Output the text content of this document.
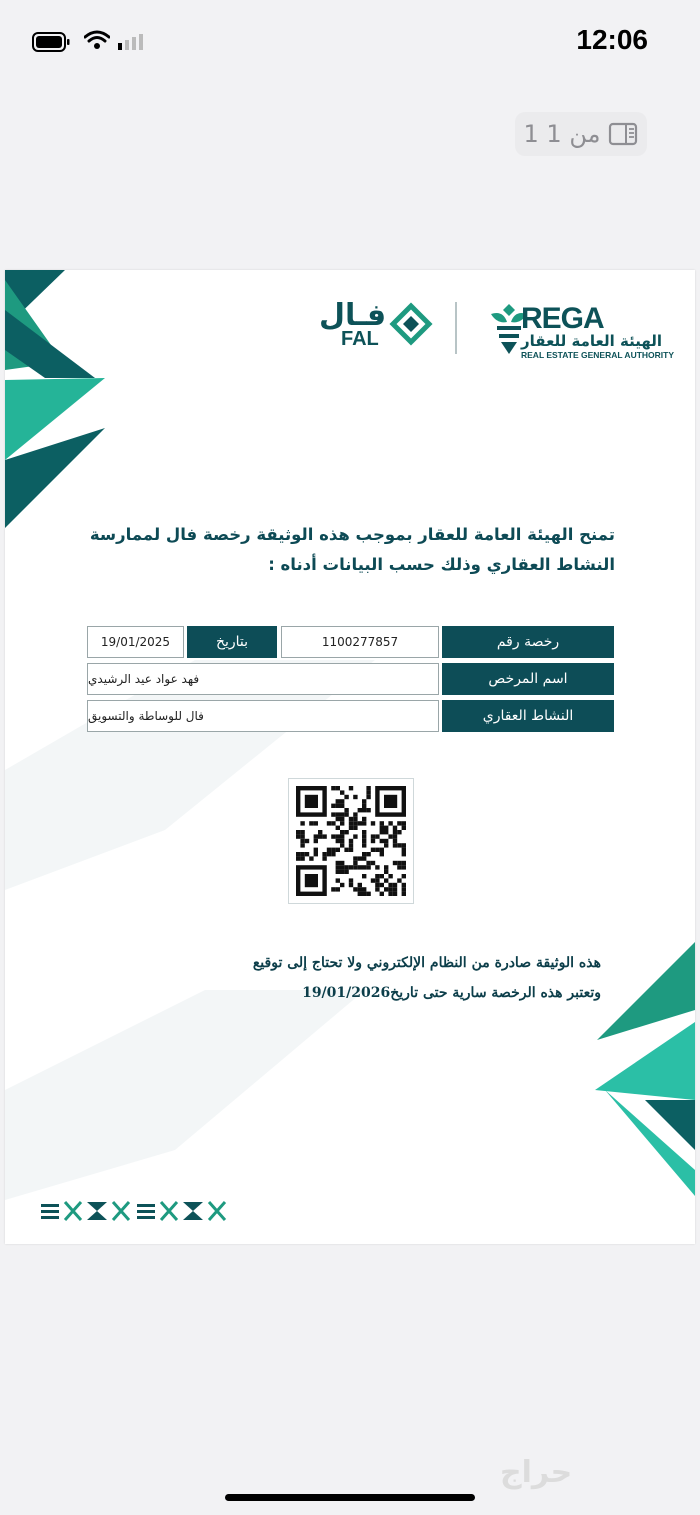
12:06
1 من 1
REGA
الهيئة العامة للعقار
REAL ESTATE GENERAL AUTHORITY
فـال
FAL
تمنح الهيئة العامة للعقار بموجب هذه الوثيقة رخصة فال لممارسة
النشاط العقاري وذلك حسب البيانات أدناه :
رخصة رقم
1100277857
بتاريخ
19/01/2025
اسم المرخص
فهد عواد عيد الرشيدي
النشاط العقاري
فال للوساطة والتسويق
هذه الوثيقة صادرة من النظام الإلكتروني ولا تحتاج إلى توقيع
وتعتبر هذه الرخصة سارية حتى تاريخ19/01/2026
حراج
